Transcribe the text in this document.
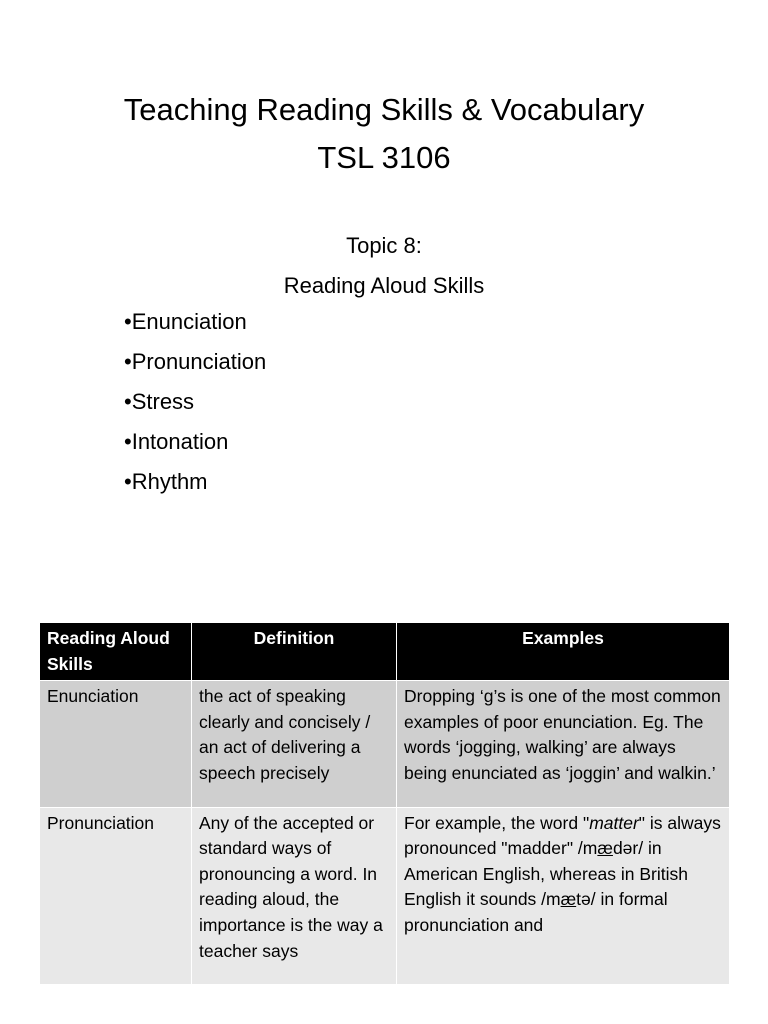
Teaching Reading Skills & Vocabulary
TSL 3106
Topic 8:
Reading Aloud Skills
•Enunciation
•Pronunciation
•Stress
•Intonation
•Rhythm
Reading Aloud Skills	Definition	Examples
Enunciation	the act of speaking clearly and concisely / an act of delivering a speech precisely	Dropping ‘g’s is one of the most common examples of poor enunciation. Eg. The words ‘jogging, walking’ are always being enunciated as ‘joggin’ and walkin.’
Pronunciation	Any of the accepted or standard ways of pronouncing a word. In reading aloud, the importance is the way a teacher says	For example, the word "matter" is always pronounced "madder" /mædər/ in American English, whereas in British English it sounds /mætə/ in formal pronunciation and
